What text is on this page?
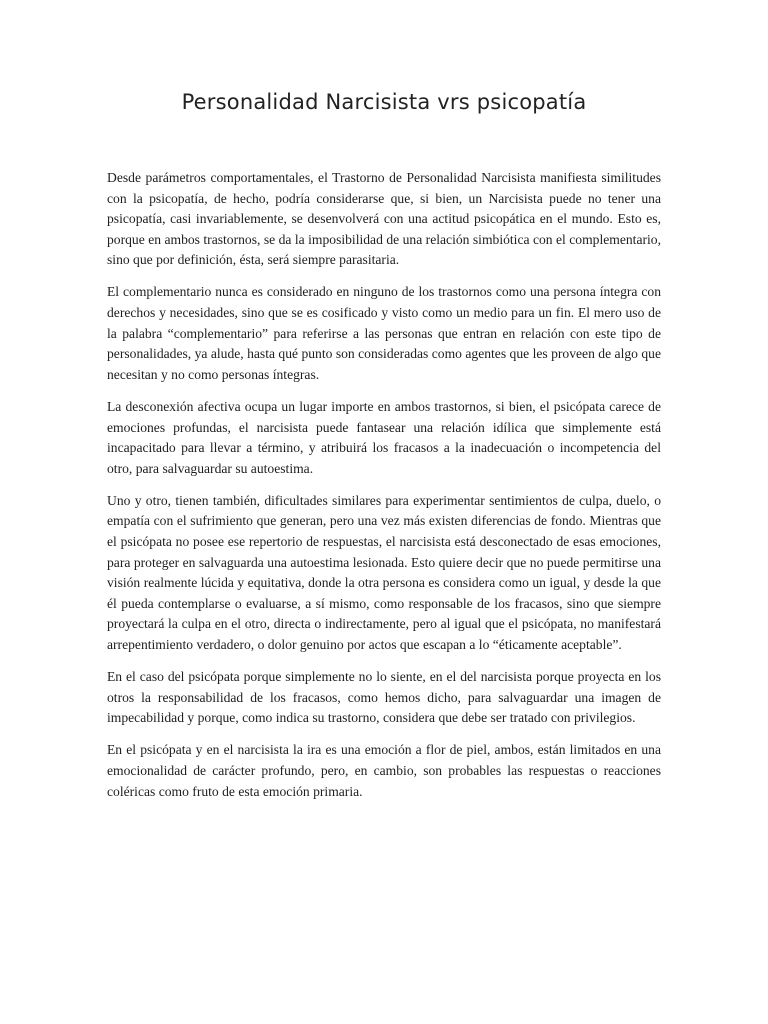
Personalidad Narcisista vrs psicopatía

Desde parámetros comportamentales, el Trastorno de Personalidad Narcisista manifiesta similitudes con la psicopatía, de hecho, podría considerarse que, si bien, un Narcisista puede no tener una psicopatía, casi invariablemente, se desenvolverá con una actitud psicopática en el mundo. Esto es, porque en ambos trastornos, se da la imposibilidad de una relación simbiótica con el complementario, sino que por definición, ésta, será siempre parasitaria.

El complementario nunca es considerado en ninguno de los trastornos como una persona íntegra con derechos y necesidades, sino que se es cosificado y visto como un medio para un fin. El mero uso de la palabra “complementario” para referirse a las personas que entran en relación con este tipo de personalidades, ya alude, hasta qué punto son consideradas como agentes que les proveen de algo que necesitan y no como personas íntegras.

La desconexión afectiva ocupa un lugar importe en ambos trastornos, si bien, el psicópata carece de emociones profundas, el narcisista puede fantasear una relación idílica que simplemente está incapacitado para llevar a término, y atribuirá los fracasos a la inadecuación o incompetencia del otro, para salvaguardar su autoestima.

Uno y otro, tienen también, dificultades similares para experimentar sentimientos de culpa, duelo, o empatía con el sufrimiento que generan, pero una vez más existen diferencias de fondo. Mientras que el psicópata no posee ese repertorio de respuestas, el narcisista está desconectado de esas emociones, para proteger en salvaguarda una autoestima lesionada. Esto quiere decir que no puede permitirse una visión realmente lúcida y equitativa, donde la otra persona es considera como un igual, y desde la que él pueda contemplarse o evaluarse, a sí mismo, como responsable de los fracasos, sino que siempre proyectará la culpa en el otro, directa o indirectamente, pero al igual que el psicópata, no manifestará arrepentimiento verdadero, o dolor genuino por actos que escapan a lo “éticamente aceptable”.

En el caso del psicópata porque simplemente no lo siente, en el del narcisista porque proyecta en los otros la responsabilidad de los fracasos, como hemos dicho, para salvaguardar una imagen de impecabilidad y porque, como indica su trastorno, considera que debe ser tratado con privilegios.

En el psicópata y en el narcisista la ira es una emoción a flor de piel, ambos, están limitados en una emocionalidad de carácter profundo, pero, en cambio, son probables las respuestas o reacciones coléricas como fruto de esta emoción primaria.
